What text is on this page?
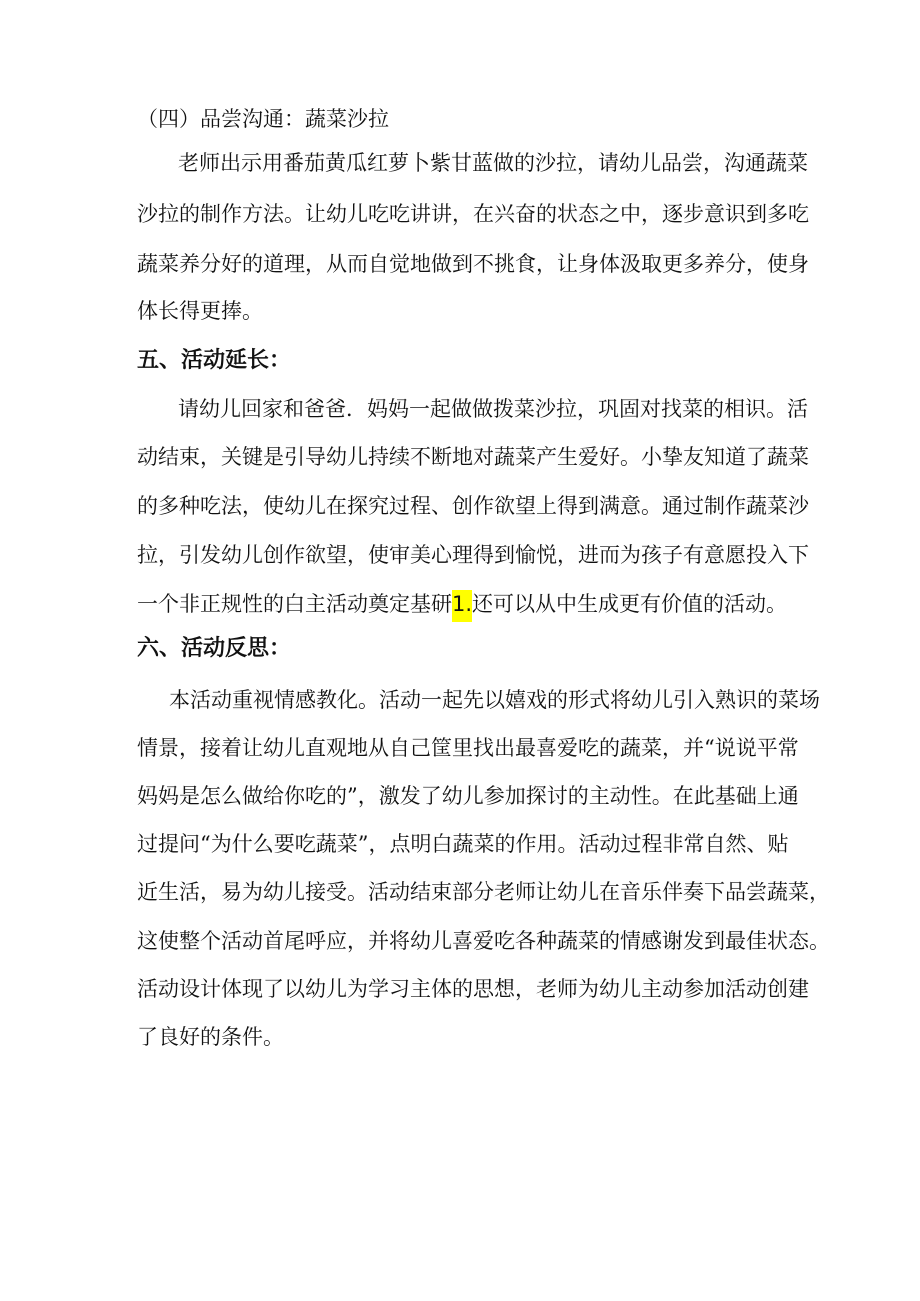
（四）品尝沟通：蔬菜沙拉

老师出示用番茄黄瓜红萝卜紫甘蓝做的沙拉，请幼儿品尝，沟通蔬菜

沙拉的制作方法。让幼儿吃吃讲讲，在兴奋的状态之中，逐步意识到多吃

蔬菜养分好的道理，从而自觉地做到不挑食，让身体汲取更多养分，使身

体长得更捧。

五、活动延长：

请幼儿回家和爸爸．妈妈一起做做拨菜沙拉，巩固对找菜的相识。活

动结束，关键是引导幼儿持续不断地对蔬菜产生爱好。小挚友知道了蔬菜

的多种吃法，使幼儿在探究过程、创作欲望上得到满意。通过制作蔬菜沙

拉，引发幼儿创作欲望，使审美心理得到愉悦，进而为孩子有意愿投入下

一个非正规性的白主活动奠定基研1.还可以从中生成更有价值的活动。

六、活动反思：

本活动重视情感教化。活动一起先以嬉戏的形式将幼儿引入熟识的菜场

情景，接着让幼儿直观地从自己筐里找出最喜爱吃的蔬菜，并“说说平常

妈妈是怎么做给你吃的”，激发了幼儿参加探讨的主动性。在此基础上通

过提问“为什么要吃蔬菜”，点明白蔬菜的作用。活动过程非常自然、贴

近生活，易为幼儿接受。活动结束部分老师让幼儿在音乐伴奏下品尝蔬菜，

这使整个活动首尾呼应，并将幼儿喜爱吃各种蔬菜的情感谢发到最佳状态。

活动设计体现了以幼儿为学习主体的思想，老师为幼儿主动参加活动创建

了良好的条件。
